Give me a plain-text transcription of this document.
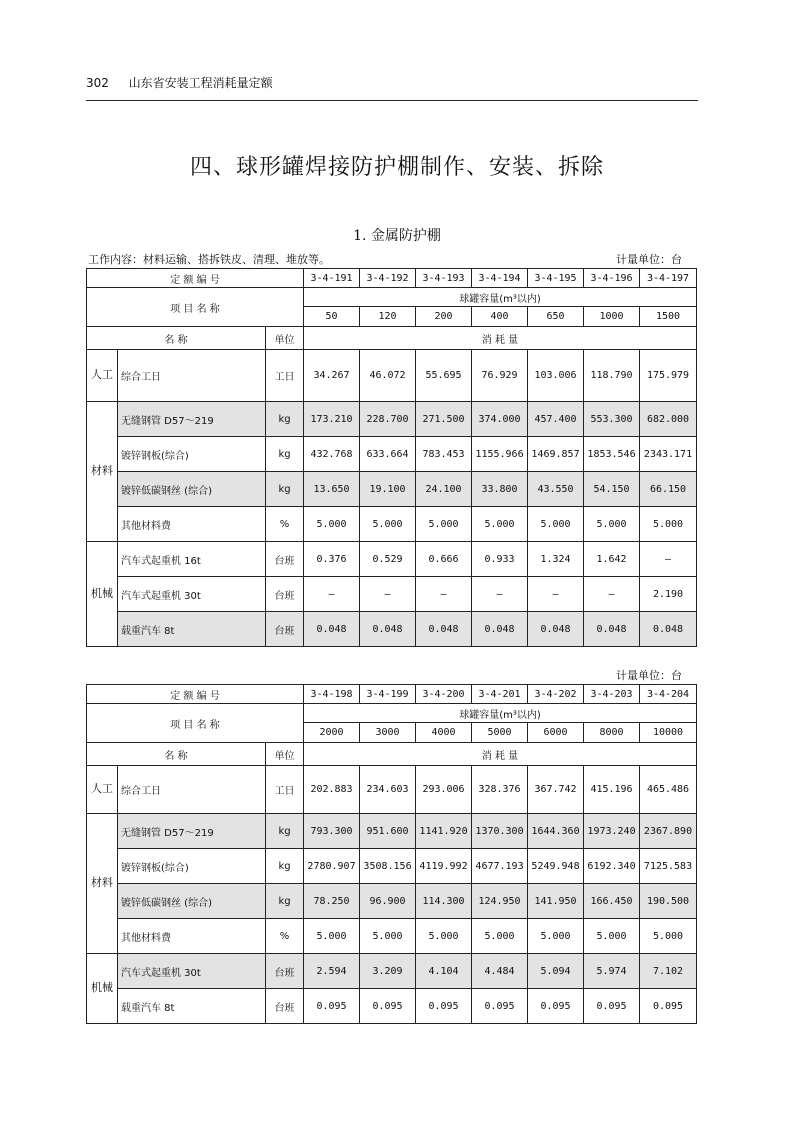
302 山东省安装工程消耗量定额
四、球形罐焊接防护棚制作、安装、拆除
1. 金属防护棚
工作内容：材料运输、搭拆铁皮、清理、堆放等。	计量单位：台
定 额 编 号			3-4-191	3-4-192	3-4-193	3-4-194	3-4-195	3-4-196	3-4-197
项 目 名 称			球罐容量(m³以内)						
			50	120	200	400	650	1000	1500
名 称		单位	消 耗 量						
人工	综合工日	工日	34.267	46.072	55.695	76.929	103.006	118.790	175.979
材料	无缝钢管 D57～219	kg	173.210	228.700	271.500	374.000	457.400	553.300	682.000
	镀锌钢板(综合)	kg	432.768	633.664	783.453	1155.966	1469.857	1853.546	2343.171
	镀锌低碳钢丝 (综合)	kg	13.650	19.100	24.100	33.800	43.550	54.150	66.150
	其他材料费	%	5.000	5.000	5.000	5.000	5.000	5.000	5.000
机械	汽车式起重机 16t	台班	0.376	0.529	0.666	0.933	1.324	1.642	—
	汽车式起重机 30t	台班	—	—	—	—	—	—	2.190
	载重汽车 8t	台班	0.048	0.048	0.048	0.048	0.048	0.048	0.048
计量单位：台
定 额 编 号			3-4-198	3-4-199	3-4-200	3-4-201	3-4-202	3-4-203	3-4-204
项 目 名 称			球罐容量(m³以内)						
			2000	3000	4000	5000	6000	8000	10000
名 称		单位	消 耗 量						
人工	综合工日	工日	202.883	234.603	293.006	328.376	367.742	415.196	465.486
材料	无缝钢管 D57～219	kg	793.300	951.600	1141.920	1370.300	1644.360	1973.240	2367.890
	镀锌钢板(综合)	kg	2780.907	3508.156	4119.992	4677.193	5249.948	6192.340	7125.583
	镀锌低碳钢丝 (综合)	kg	78.250	96.900	114.300	124.950	141.950	166.450	190.500
	其他材料费	%	5.000	5.000	5.000	5.000	5.000	5.000	5.000
机械	汽车式起重机 30t	台班	2.594	3.209	4.104	4.484	5.094	5.974	7.102
	载重汽车 8t	台班	0.095	0.095	0.095	0.095	0.095	0.095	0.095
